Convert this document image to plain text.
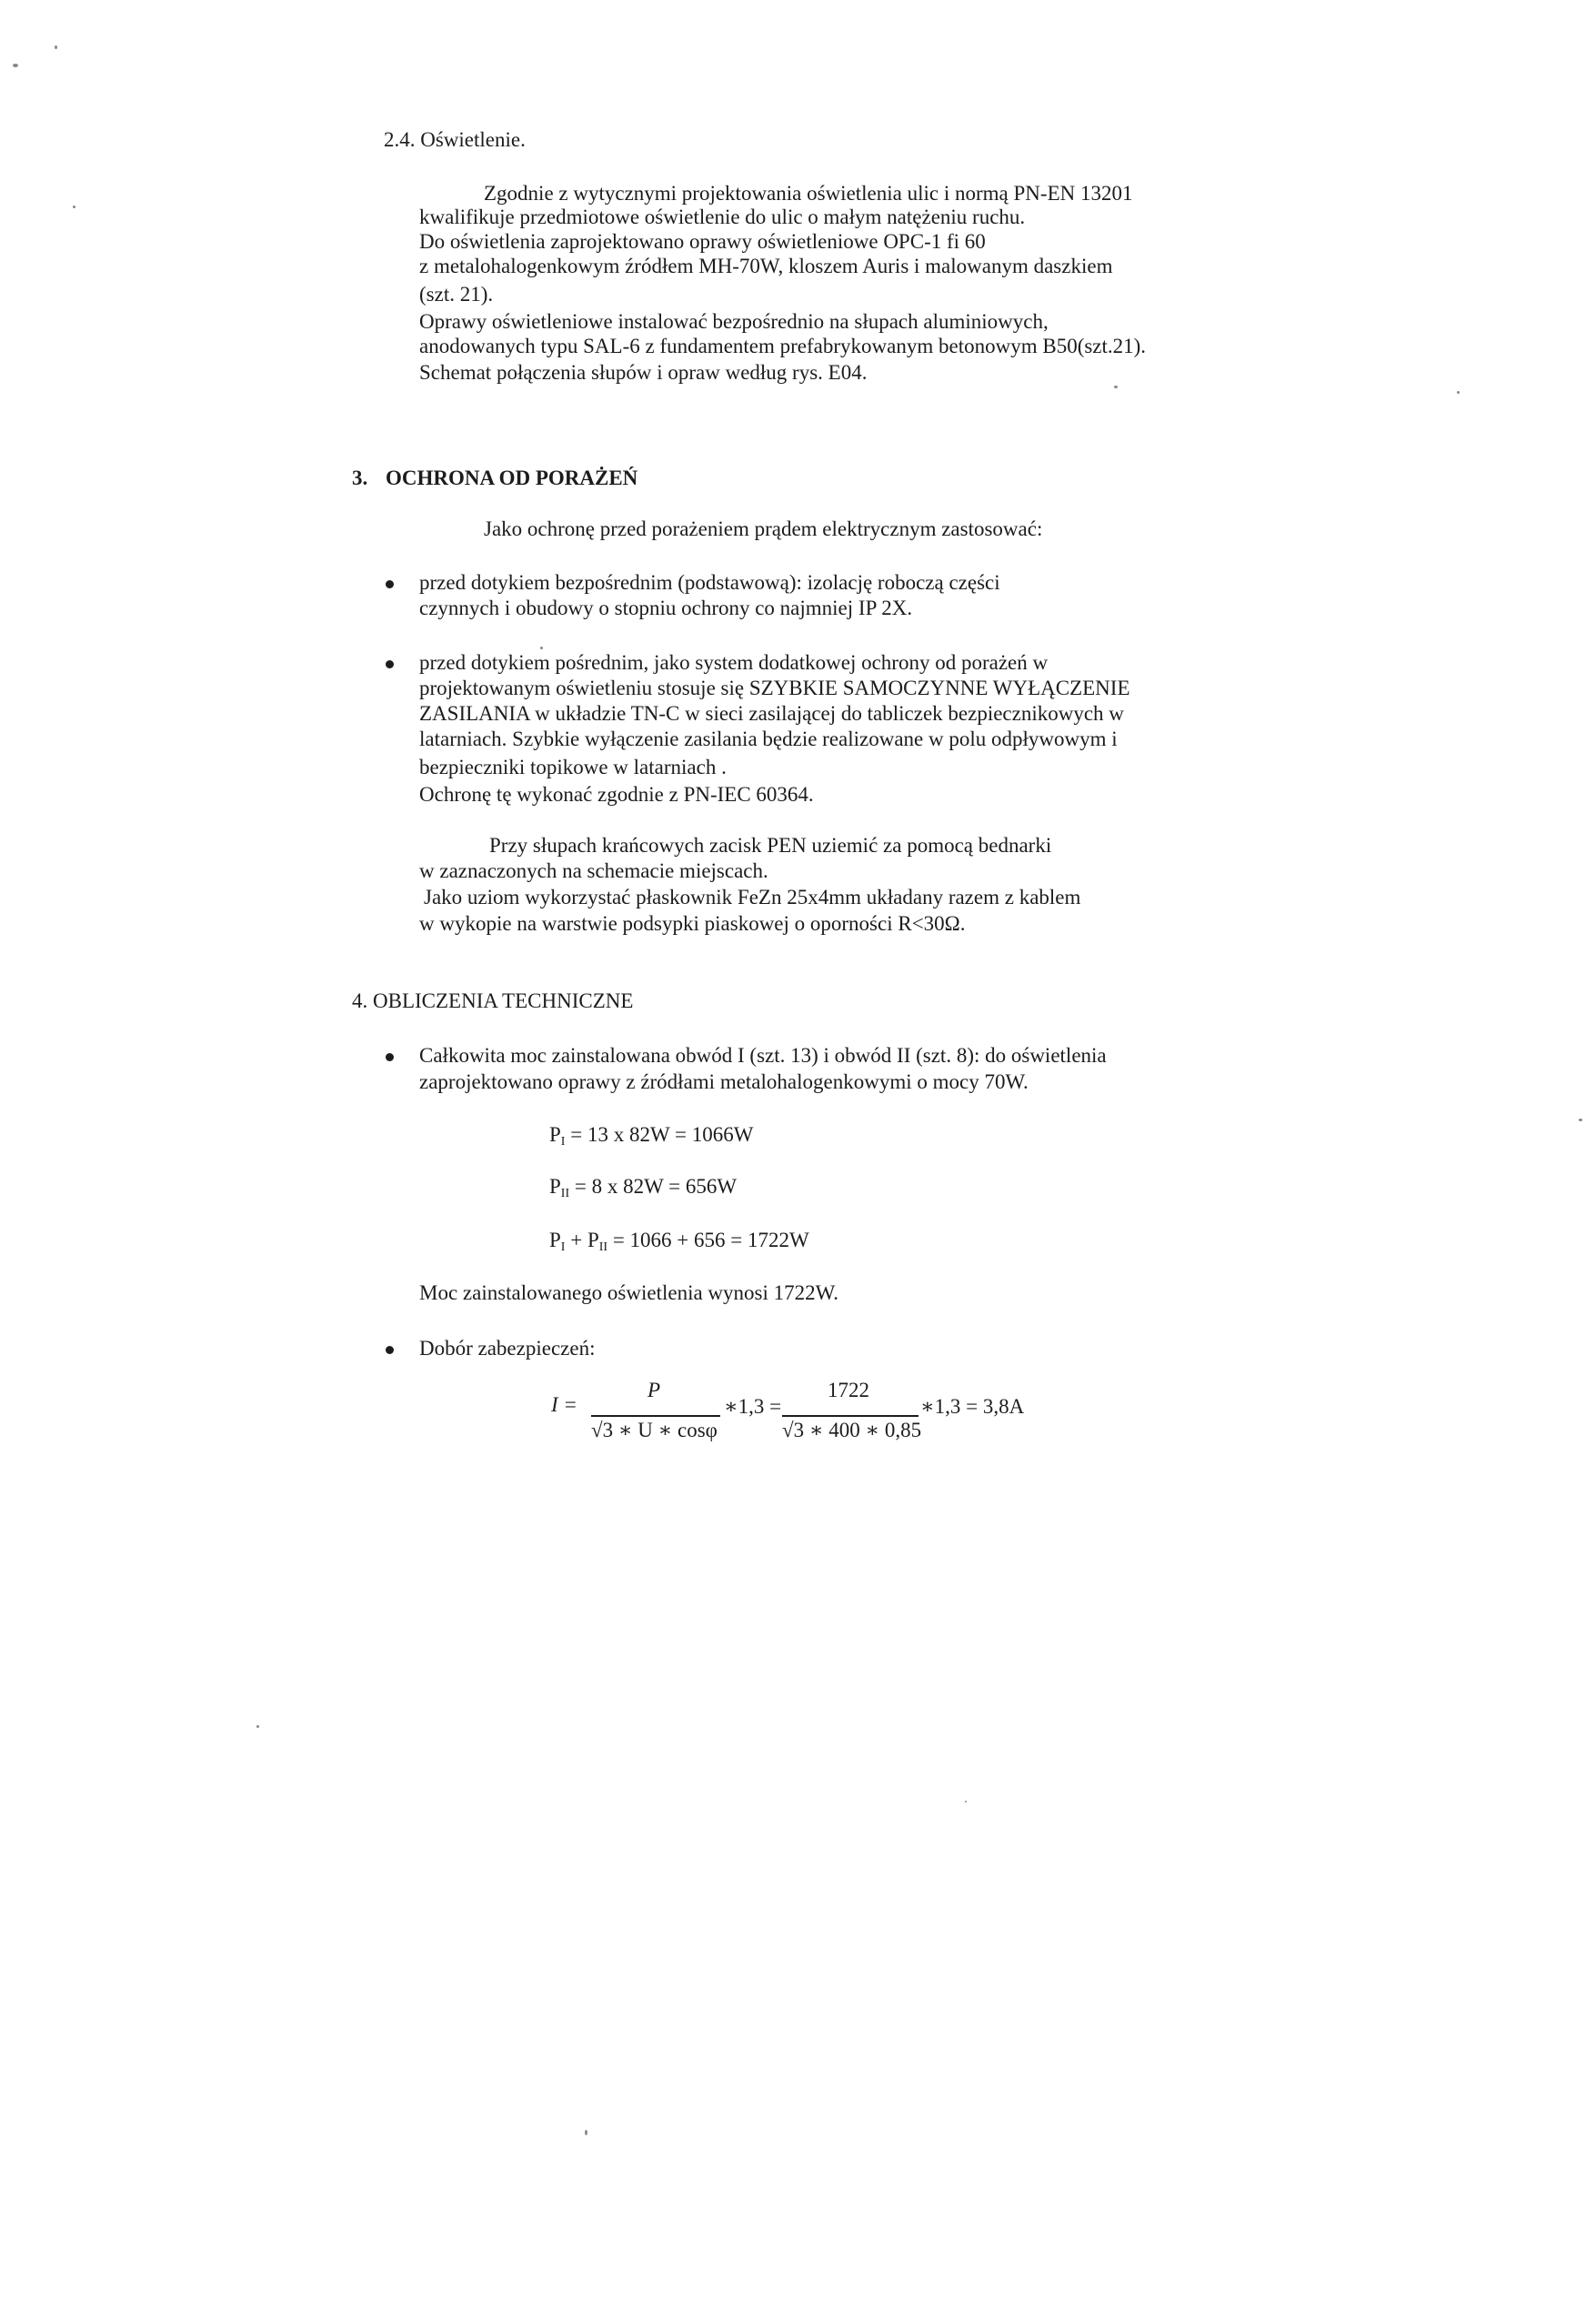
2.4. Oświetlenie.
Zgodnie z wytycznymi projektowania oświetlenia ulic i normą PN-EN 13201
kwalifikuje przedmiotowe oświetlenie do ulic o małym natężeniu ruchu.
Do oświetlenia zaprojektowano oprawy oświetleniowe OPC-1 fi 60
z metalohalogenkowym źródłem MH-70W, kloszem Auris i malowanym daszkiem
(szt. 21).
Oprawy oświetleniowe instalować bezpośrednio na słupach aluminiowych,
anodowanych typu SAL-6 z fundamentem prefabrykowanym betonowym B50(szt.21).
Schemat połączenia słupów i opraw według rys. E04.
3. OCHRONA OD PORAŻEŃ
Jako ochronę przed porażeniem prądem elektrycznym zastosować:
przed dotykiem bezpośrednim (podstawową): izolację roboczą części
czynnych i obudowy o stopniu ochrony co najmniej IP 2X.
przed dotykiem pośrednim, jako system dodatkowej ochrony od porażeń w
projektowanym oświetleniu stosuje się SZYBKIE SAMOCZYNNE WYŁĄCZENIE
ZASILANIA w układzie TN-C w sieci zasilającej do tabliczek bezpiecznikowych w
latarniach. Szybkie wyłączenie zasilania będzie realizowane w polu odpływowym i
bezpieczniki topikowe w latarniach .
Ochronę tę wykonać zgodnie z PN-IEC 60364.
Przy słupach krańcowych zacisk PEN uziemić za pomocą bednarki
w zaznaczonych na schemacie miejscach.
Jako uziom wykorzystać płaskownik FeZn 25x4mm układany razem z kablem
w wykopie na warstwie podsypki piaskowej o oporności R<30Ω.
4. OBLICZENIA TECHNICZNE
Całkowita moc zainstalowana obwód I (szt. 13) i obwód II (szt. 8): do oświetlenia
zaprojektowano oprawy z źródłami metalohalogenkowymi o mocy 70W.
$P_I = 13$ x 82W = 1066W
$P_{II} = 8$ x 82W = 656W
$P_I + P_{II} = 1066 + 656 = 1722W$
Moc zainstalowanego oświetlenia wynosi 1722W.
Dobór zabezpieczeń:
I =
P
√3 ∗ U ∗ cosφ
∗1,3 =
1722
√3 ∗ 400 ∗ 0,85
∗1,3 = 3,8A
